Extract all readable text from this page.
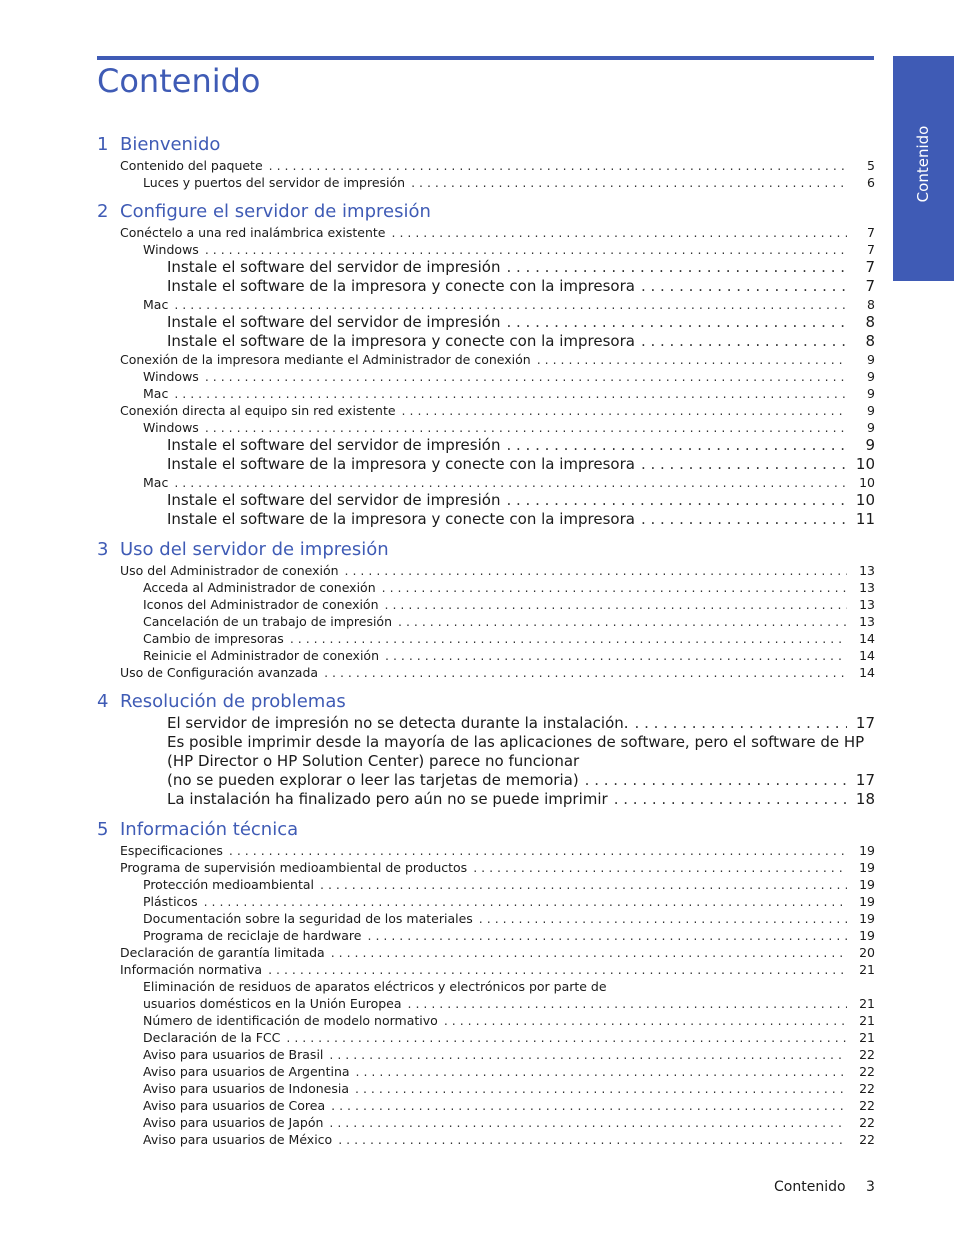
Contenido
Contenido
1 Bienvenido
Contenido del paquete . . .	5
Luces y puertos del servidor de impresión . . .	6
2 Configure el servidor de impresión
Conéctelo a una red inalámbrica existente . . .	7
Windows . . .	7
Instale el software del servidor de impresión . . .	7
Instale el software de la impresora y conecte con la impresora . . .	7
Mac . . .	8
Instale el software del servidor de impresión . . .	8
Instale el software de la impresora y conecte con la impresora . . .	8
Conexión de la impresora mediante el Administrador de conexión . . .	9
Windows . . .	9
Mac . . .	9
Conexión directa al equipo sin red existente . . .	9
Windows . . .	9
Instale el software del servidor de impresión . . .	9
Instale el software de la impresora y conecte con la impresora . . .	10
Mac . . .	10
Instale el software del servidor de impresión . . .	10
Instale el software de la impresora y conecte con la impresora . . .	11
3 Uso del servidor de impresión
Uso del Administrador de conexión . . .	13
Acceda al Administrador de conexión . . .	13
Iconos del Administrador de conexión . . .	13
Cancelación de un trabajo de impresión . . .	13
Cambio de impresoras . . .	14
Reinicie el Administrador de conexión . . .	14
Uso de Configuración avanzada . . .	14
4 Resolución de problemas
El servidor de impresión no se detecta durante la instalación. . . .	17
Es posible imprimir desde la mayoría de las aplicaciones de software, pero el software de HP
(HP Director o HP Solution Center) parece no funcionar
(no se pueden explorar o leer las tarjetas de memoria) . . .	17
La instalación ha finalizado pero aún no se puede imprimir . . .	18
5 Información técnica
Especificaciones . . .	19
Programa de supervisión medioambiental de productos . . .	19
Protección medioambiental . . .	19
Plásticos . . .	19
Documentación sobre la seguridad de los materiales . . .	19
Programa de reciclaje de hardware . . .	19
Declaración de garantía limitada . . .	20
Información normativa . . .	21
Eliminación de residuos de aparatos eléctricos y electrónicos por parte de
usuarios domésticos en la Unión Europea . . .	21
Número de identificación de modelo normativo . . .	21
Declaración de la FCC . . .	21
Aviso para usuarios de Brasil . . .	22
Aviso para usuarios de Argentina . . .	22
Aviso para usuarios de Indonesia . . .	22
Aviso para usuarios de Corea . . .	22
Aviso para usuarios de Japón . . .	22
Aviso para usuarios de México . . .	22
Contenido 3
